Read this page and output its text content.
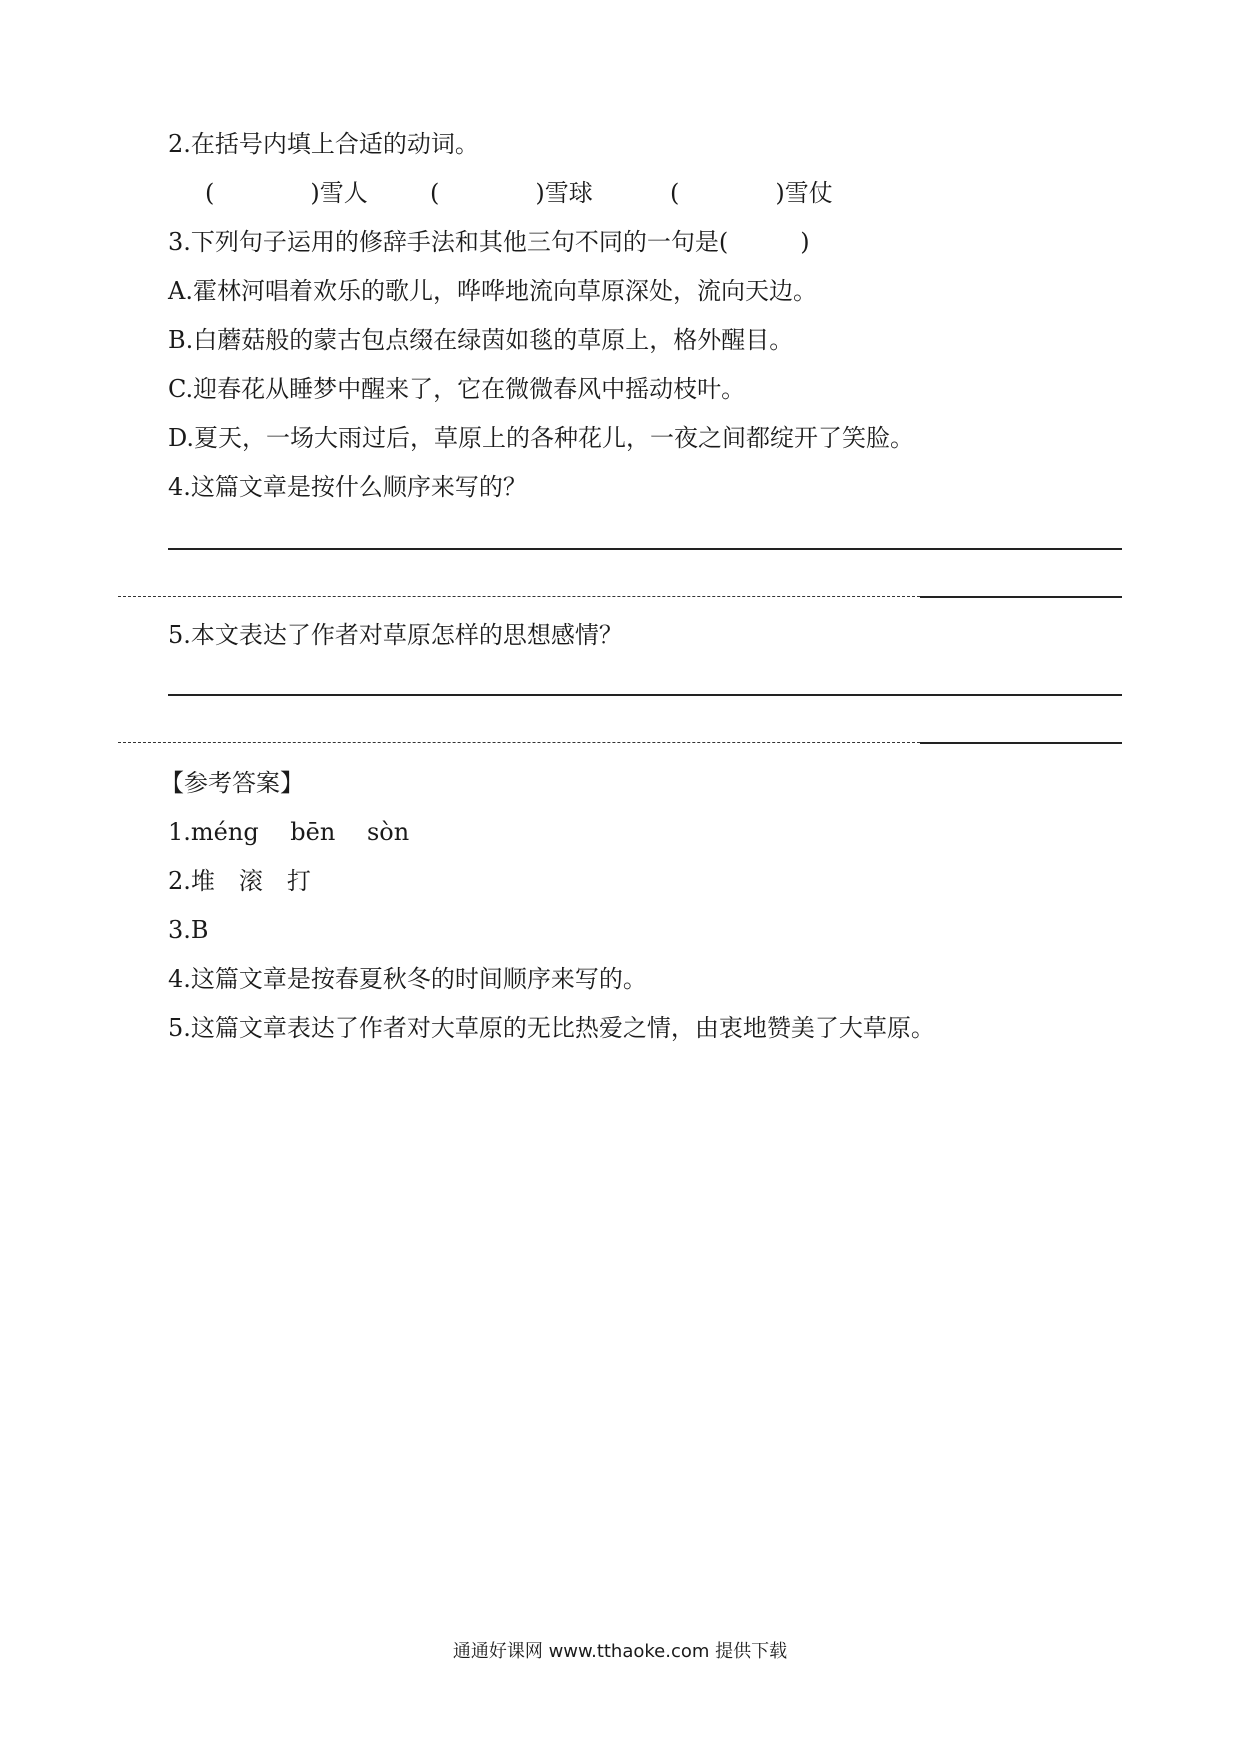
2.在括号内填上合适的动词。
(　　　　)雪人	(　　　　)雪球	(　　　　)雪仗
3.下列句子运用的修辞手法和其他三句不同的一句是(　　　)
A.霍林河唱着欢乐的歌儿，哗哗地流向草原深处，流向天边。
B.白蘑菇般的蒙古包点缀在绿茵如毯的草原上，格外醒目。
C.迎春花从睡梦中醒来了，它在微微春风中摇动枝叶。
D.夏天，一场大雨过后，草原上的各种花儿，一夜之间都绽开了笑脸。
4.这篇文章是按什么顺序来写的？
5.本文表达了作者对草原怎样的思想感情？
【参考答案】
1.méng　 bēn　 sòn
2.堆　滚　打
3.B
4.这篇文章是按春夏秋冬的时间顺序来写的。
5.这篇文章表达了作者对大草原的无比热爱之情，由衷地赞美了大草原。
通通好课网 www.tthaoke.com 提供下载
